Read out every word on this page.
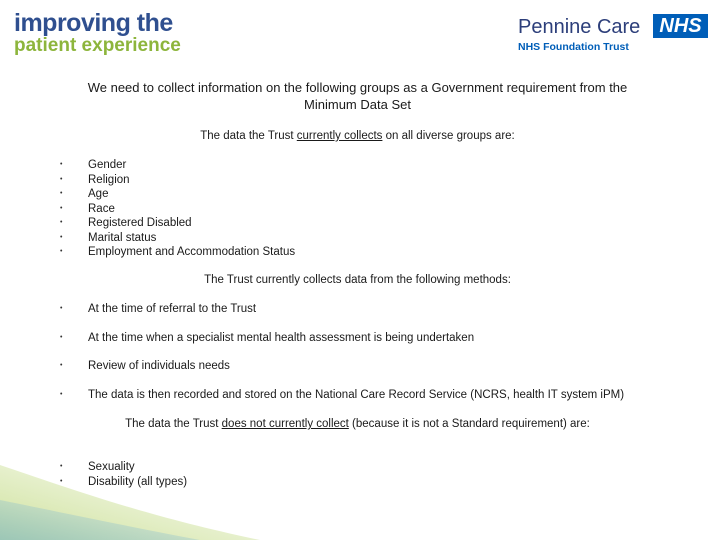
improving the
patient experience
Pennine Care NHS
NHS Foundation Trust
We need to collect information on the following groups as a Government requirement from the Minimum Data Set
The data the Trust currently collects on all diverse groups are:
• Gender
• Religion
• Age
• Race
• Registered Disabled
• Marital status
• Employment and Accommodation Status
The Trust currently collects data from the following methods:
• At the time of referral to the Trust
• At the time when a specialist mental health assessment is being undertaken
• Review of individuals needs
• The data is then recorded and stored on the National Care Record Service (NCRS, health IT system iPM)
The data the Trust does not currently collect (because it is not a Standard requirement) are:
• Sexuality
• Disability (all types)
